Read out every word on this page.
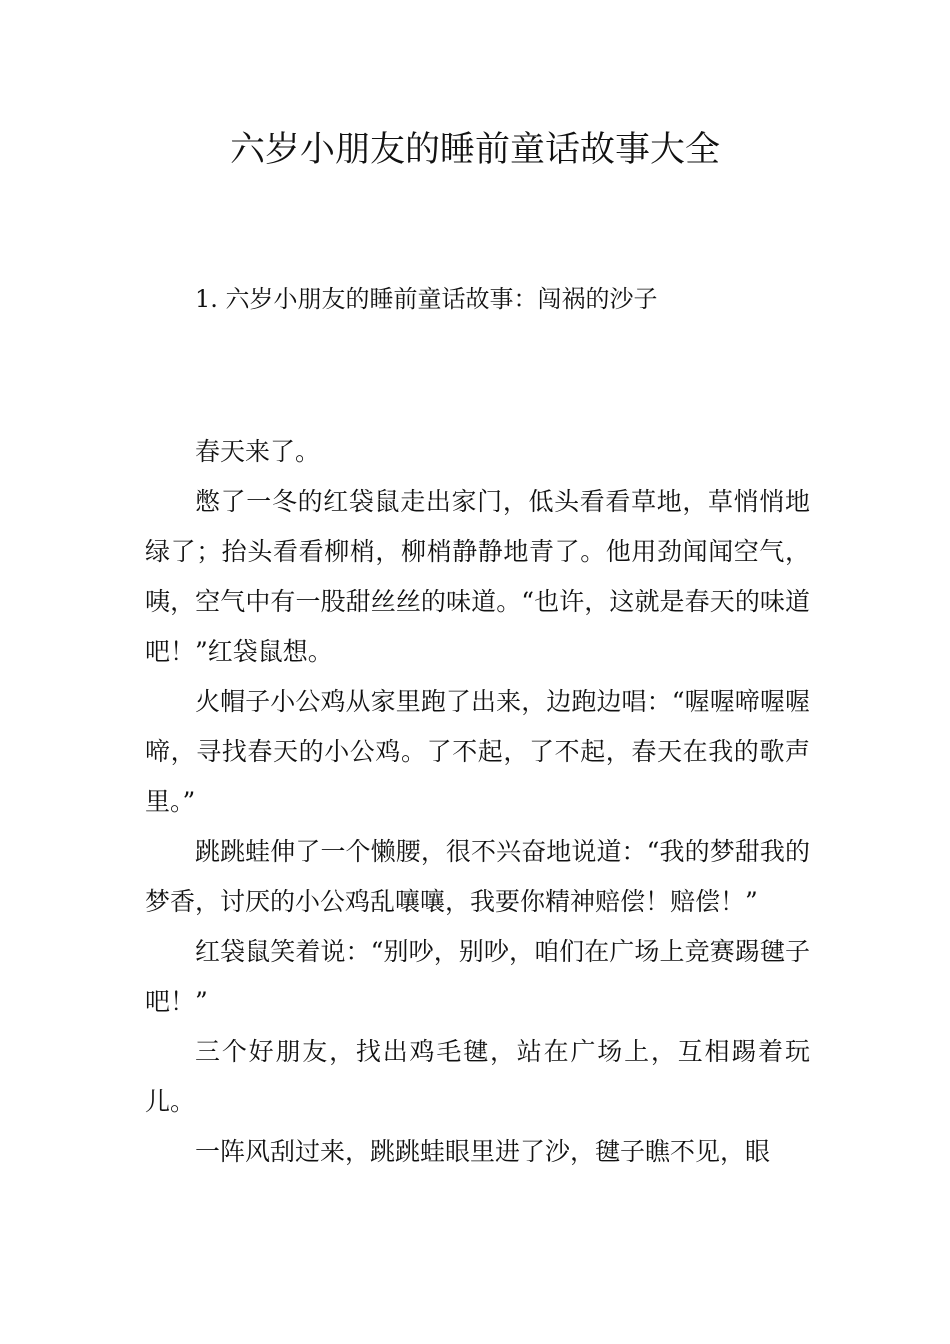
六岁小朋友的睡前童话故事大全
1. 六岁小朋友的睡前童话故事：闯祸的沙子

春天来了。

憋了一冬的红袋鼠走出家门，低头看看草地，草悄悄地绿了；抬头看看柳梢，柳梢静静地青了。他用劲闻闻空气，咦，空气中有一股甜丝丝的味道。“也许，这就是春天的味道吧！”红袋鼠想。

火帽子小公鸡从家里跑了出来，边跑边唱：“喔喔啼喔喔啼，寻找春天的小公鸡。了不起，了不起，春天在我的歌声里。”

跳跳蛙伸了一个懒腰，很不兴奋地说道：“我的梦甜我的梦香，讨厌的小公鸡乱嚷嚷，我要你精神赔偿！赔偿！”

红袋鼠笑着说：“别吵，别吵，咱们在广场上竞赛踢毽子吧！”

三个好朋友，找出鸡毛毽，站在广场上，互相踢着玩儿。

一阵风刮过来，跳跳蛙眼里进了沙，毽子瞧不见，眼
